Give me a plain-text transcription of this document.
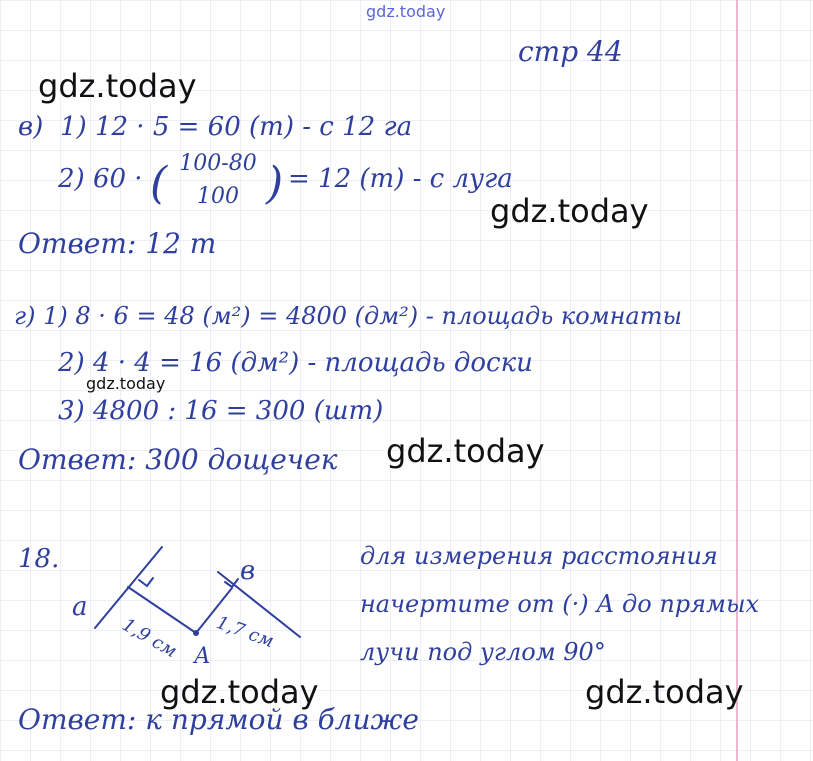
gdz.today
gdz.today
gdz.today
gdz.today
gdz.today
gdz.today	gdz.today
стр 44
в) 1) 12 · 5 = 60 (т) - с 12 га
2) 60 · ( 100-80
100 ) = 12 (т) - с луга
Ответ: 12 т
г) 1) 8 · 6 = 48 (м²) = 4800 (дм²) - площадь комнаты
2) 4 · 4 = 16 (дм²) - площадь доски
3) 4800 : 16 = 300 (шт)
Ответ: 300 дощечек
18.
а
в
А
1,9 см 1,7 см
для измерения расстояния
начертите от (·) А до прямых
лучи под углом 90°
Ответ: к прямой в ближе
